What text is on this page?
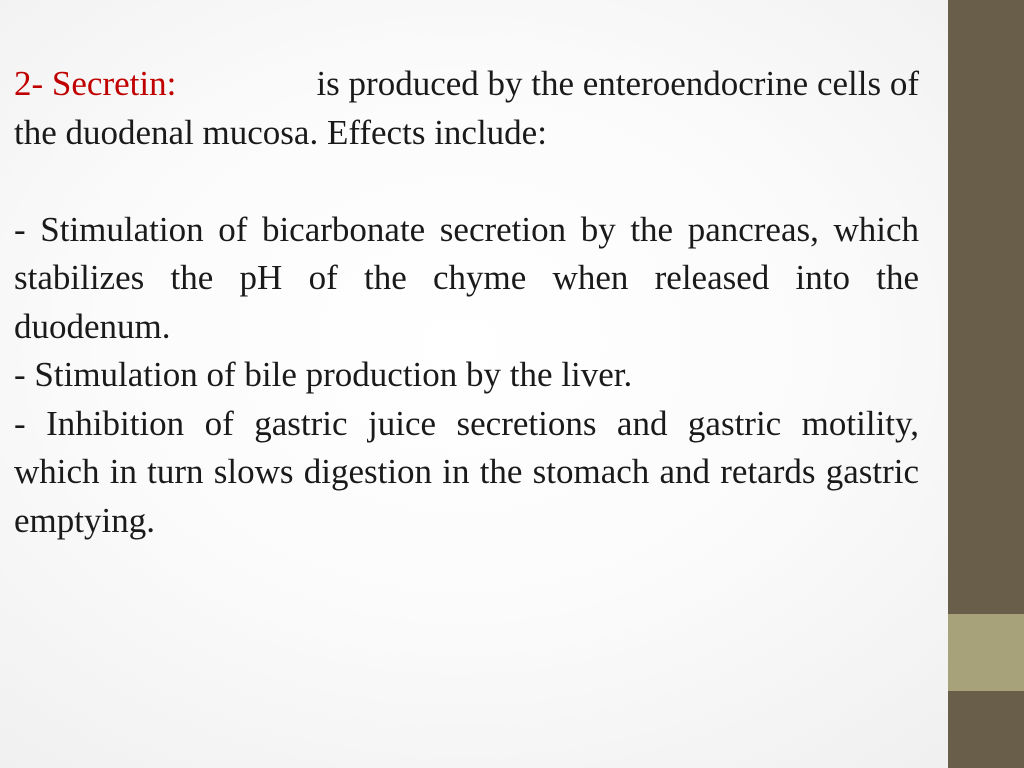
2- Secretin:	is produced by the enteroendocrine cells of
the duodenal mucosa. Effects include:

- Stimulation of bicarbonate secretion by the pancreas, which stabilizes the pH of the chyme when released into the duodenum.

- Stimulation of bile production by the liver.

- Inhibition of gastric juice secretions and gastric motility, which in turn slows digestion in the stomach and retards gastric emptying.
